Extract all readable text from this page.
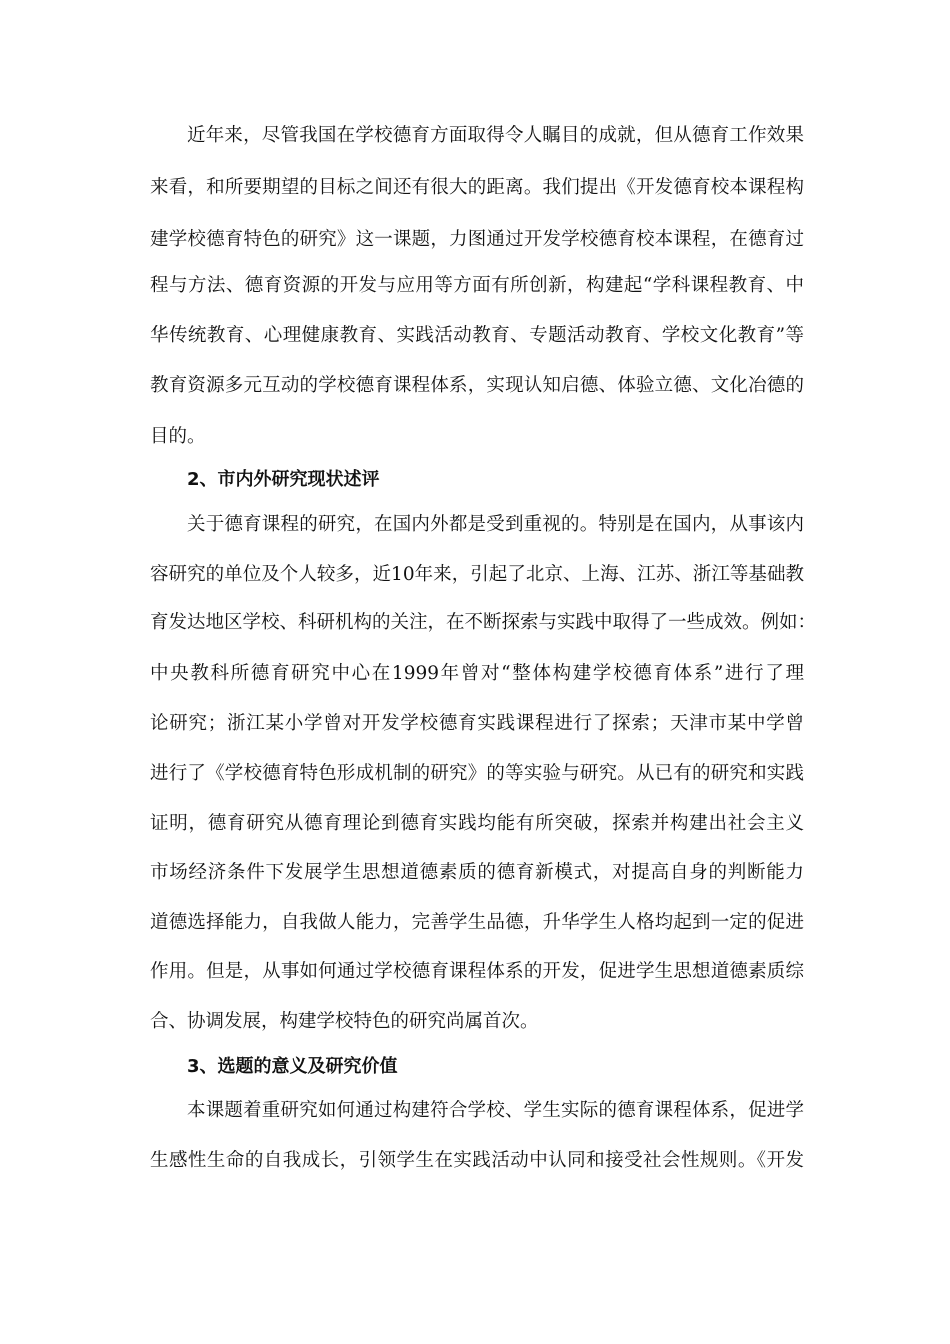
近年来，尽管我国在学校德育方面取得令人瞩目的成就，但从德育工作效果
来看，和所要期望的目标之间还有很大的距离。我们提出《开发德育校本课程构
建学校德育特色的研究》这一课题，力图通过开发学校德育校本课程，在德育过
程与方法、德育资源的开发与应用等方面有所创新，构建起“学科课程教育、中
华传统教育、心理健康教育、实践活动教育、专题活动教育、学校文化教育”等
教育资源多元互动的学校德育课程体系，实现认知启德、体验立德、文化冶德的
目的。
2、市内外研究现状述评
关于德育课程的研究，在国内外都是受到重视的。特别是在国内，从事该内
容研究的单位及个人较多，近10年来，引起了北京、上海、江苏、浙江等基础教
育发达地区学校、科研机构的关注，在不断探索与实践中取得了一些成效。例如：
中央教科所德育研究中心在1999年曾对“整体构建学校德育体系”进行了理
论研究；浙江某小学曾对开发学校德育实践课程进行了探索；天津市某中学曾
进行了《学校德育特色形成机制的研究》的等实验与研究。从已有的研究和实践
证明，德育研究从德育理论到德育实践均能有所突破，探索并构建出社会主义
市场经济条件下发展学生思想道德素质的德育新模式，对提高自身的判断能力
道德选择能力，自我做人能力，完善学生品德，升华学生人格均起到一定的促进
作用。但是，从事如何通过学校德育课程体系的开发，促进学生思想道德素质综
合、协调发展，构建学校特色的研究尚属首次。
3、选题的意义及研究价值
本课题着重研究如何通过构建符合学校、学生实际的德育课程体系，促进学
生感性生命的自我成长，引领学生在实践活动中认同和接受社会性规则。《开发
